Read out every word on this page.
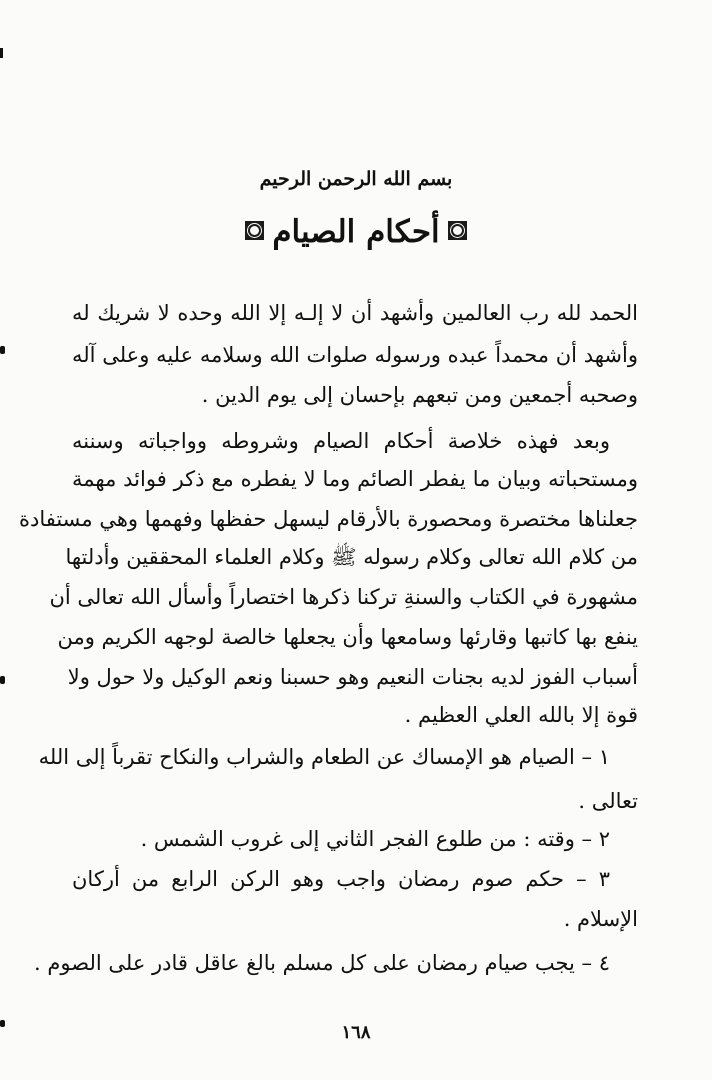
بسم الله الرحمن الرحيم
أحكام الصيام
الحمد لله رب العالمين وأشهد أن لا إلـه إلا الله وحده لا شريك له
وأشهد أن محمداً عبده ورسوله صلوات الله وسلامه عليه وعلى آله
وصحبه أجمعين ومن تبعهم بإحسان إلى يوم الدين .
وبعد فهذه خلاصة أحكام الصيام وشروطه وواجباته وسننه
ومستحباته وبيان ما يفطر الصائم وما لا يفطره مع ذكر فوائد مهمة
جعلناها مختصرة ومحصورة بالأرقام ليسهل حفظها وفهمها وهي مستفادة
من كلام الله تعالى وكلام رسوله ﷺ وكلام العلماء المحققين وأدلتها
مشهورة في الكتاب والسنةِ تركنا ذكرها اختصاراً وأسأل الله تعالى أن
ينفع بها كاتبها وقارئها وسامعها وأن يجعلها خالصة لوجهه الكريم ومن
أسباب الفوز لديه بجنات النعيم وهو حسبنا ونعم الوكيل ولا حول ولا
قوة إلا بالله العلي العظيم .
١ – الصيام هو الإمساك عن الطعام والشراب والنكاح تقرباً إلى الله
تعالى .
٢ – وقته : من طلوع الفجر الثاني إلى غروب الشمس .
٣ – حكم صوم رمضان واجب وهو الركن الرابع من أركان
الإسلام .
٤ – يجب صيام رمضان على كل مسلم بالغ عاقل قادر على الصوم .
١٦٨
